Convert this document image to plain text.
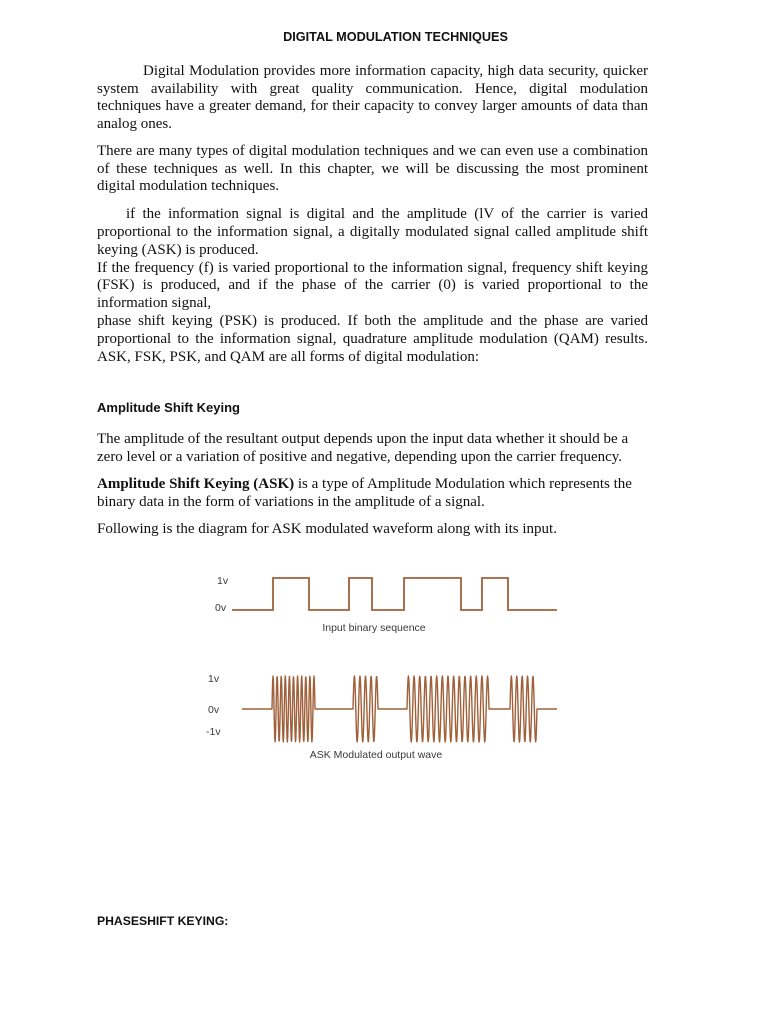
DIGITAL MODULATION TECHNIQUES
Digital Modulation provides more information capacity, high data security, quicker
system availability with great quality communication. Hence, digital modulation
techniques have a greater demand, for their capacity to convey larger amounts of data than
analog ones.
There are many types of digital modulation techniques and we can even use a combination
of these techniques as well. In this chapter, we will be discussing the most prominent
digital modulation techniques.
if the information signal is digital and the amplitude (lV of the carrier is varied
proportional to the information signal, a digitally modulated signal called amplitude shift
keying (ASK) is produced.
If the frequency (f) is varied proportional to the information signal, frequency shift keying
(FSK) is produced, and if the phase of the carrier (0) is varied proportional to the
information signal,
phase shift keying (PSK) is produced. If both the amplitude and the phase are varied
proportional to the information signal, quadrature amplitude modulation (QAM) results.
ASK, FSK, PSK, and QAM are all forms of digital modulation:
Amplitude Shift Keying
The amplitude of the resultant output depends upon the input data whether it should be a
zero level or a variation of positive and negative, depending upon the carrier frequency.
Amplitude Shift Keying (ASK) is a type of Amplitude Modulation which represents the
binary data in the form of variations in the amplitude of a signal.
Following is the diagram for ASK modulated waveform along with its input.
1v
0v
Input binary sequence
1v
0v
-1v
ASK Modulated output wave
PHASESHIFT KEYING:
